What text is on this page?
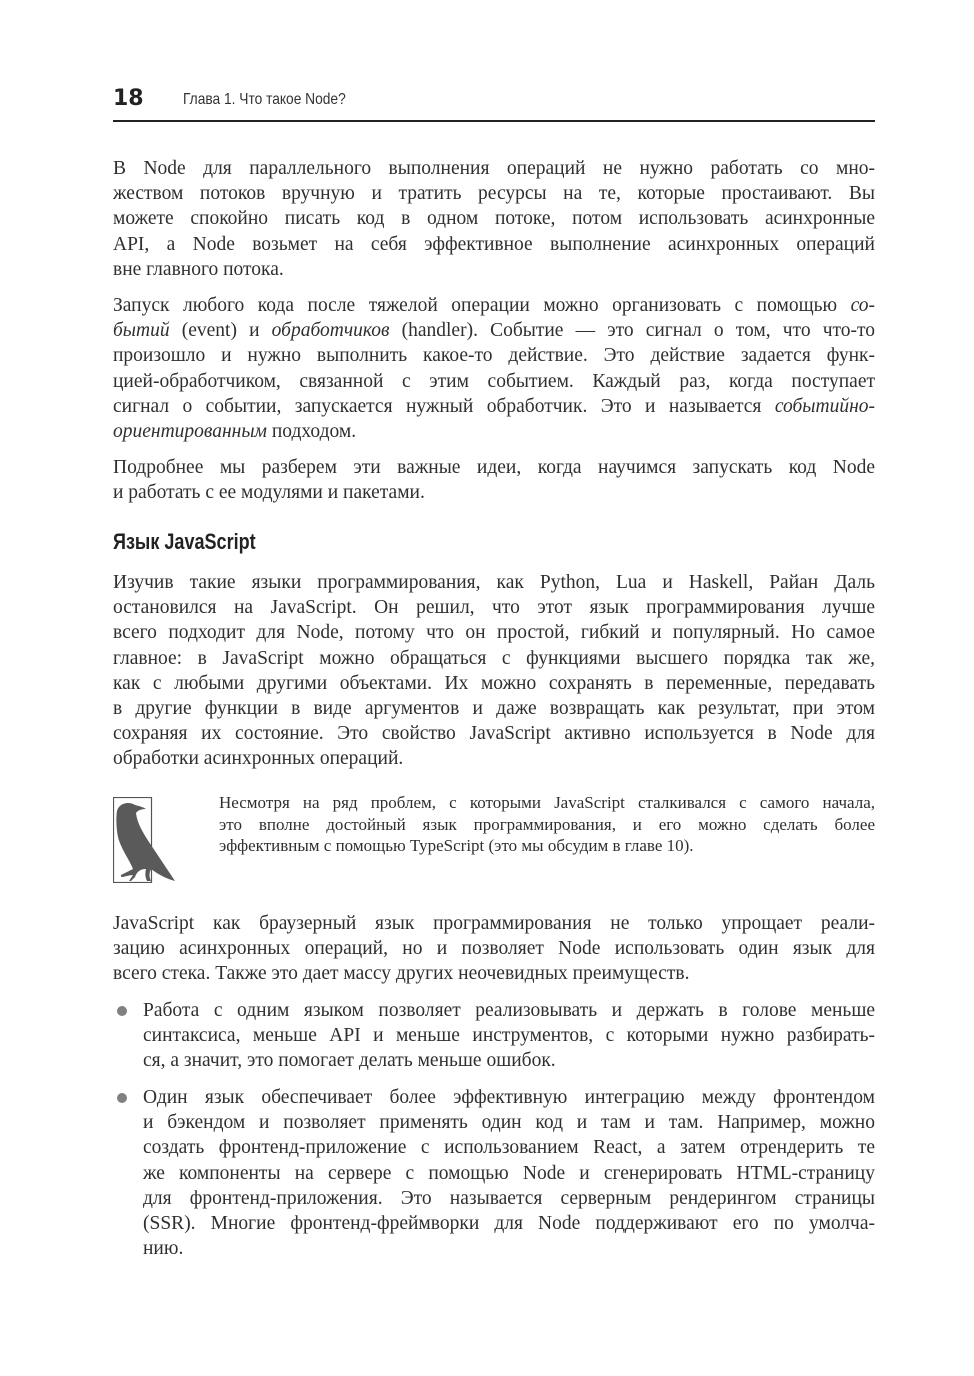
18 Глава 1. Что такое Node?
В Node для параллельного выполнения операций не нужно работать со мно-
жеством потоков вручную и тратить ресурсы на те, которые простаивают. Вы
можете спокойно писать код в одном потоке, потом использовать асинхронные
API, а Node возьмет на себя эффективное выполнение асинхронных операций
вне главного потока.
Запуск любого кода после тяжелой операции можно организовать с помощью со-
бытий (event) и обработчиков (handler). Событие — это сигнал о том, что что-то
произошло и нужно выполнить какое-то действие. Это действие задается функ-
цией-обработчиком, связанной с этим событием. Каждый раз, когда поступает
сигнал о событии, запускается нужный обработчик. Это и называется событийно-
ориентированным подходом.
Подробнее мы разберем эти важные идеи, когда научимся запускать код Node
и работать с ее модулями и пакетами.
Язык JavaScript
Изучив такие языки программирования, как Python, Lua и Haskell, Райан Даль
остановился на JavaScript. Он решил, что этот язык программирования лучше
всего подходит для Node, потому что он простой, гибкий и популярный. Но самое
главное: в JavaScript можно обращаться с функциями высшего порядка так же,
как с любыми другими объектами. Их можно сохранять в переменные, передавать
в другие функции в виде аргументов и даже возвращать как результат, при этом
сохраняя их состояние. Это свойство JavaScript активно используется в Node для
обработки асинхронных операций.
Несмотря на ряд проблем, с которыми JavaScript сталкивался с самого начала,
это вполне достойный язык программирования, и его можно сделать более
эффективным с помощью TypeScript (это мы обсудим в главе 10).
JavaScript как браузерный язык программирования не только упрощает реали-
зацию асинхронных операций, но и позволяет Node использовать один язык для
всего стека. Также это дает массу других неочевидных преимуществ.
Работа с одним языком позволяет реализовывать и держать в голове меньше
синтаксиса, меньше API и меньше инструментов, с которыми нужно разбирать-
ся, а значит, это помогает делать меньше ошибок.
Один язык обеспечивает более эффективную интеграцию между фронтендом
и бэкендом и позволяет применять один код и там и там. Например, можно
создать фронтенд-приложение с использованием React, а затем отрендерить те
же компоненты на сервере с помощью Node и сгенерировать HTML-страницу
для фронтенд-приложения. Это называется серверным рендерингом страницы
(SSR). Многие фронтенд-фреймворки для Node поддерживают его по умолча-
нию.
